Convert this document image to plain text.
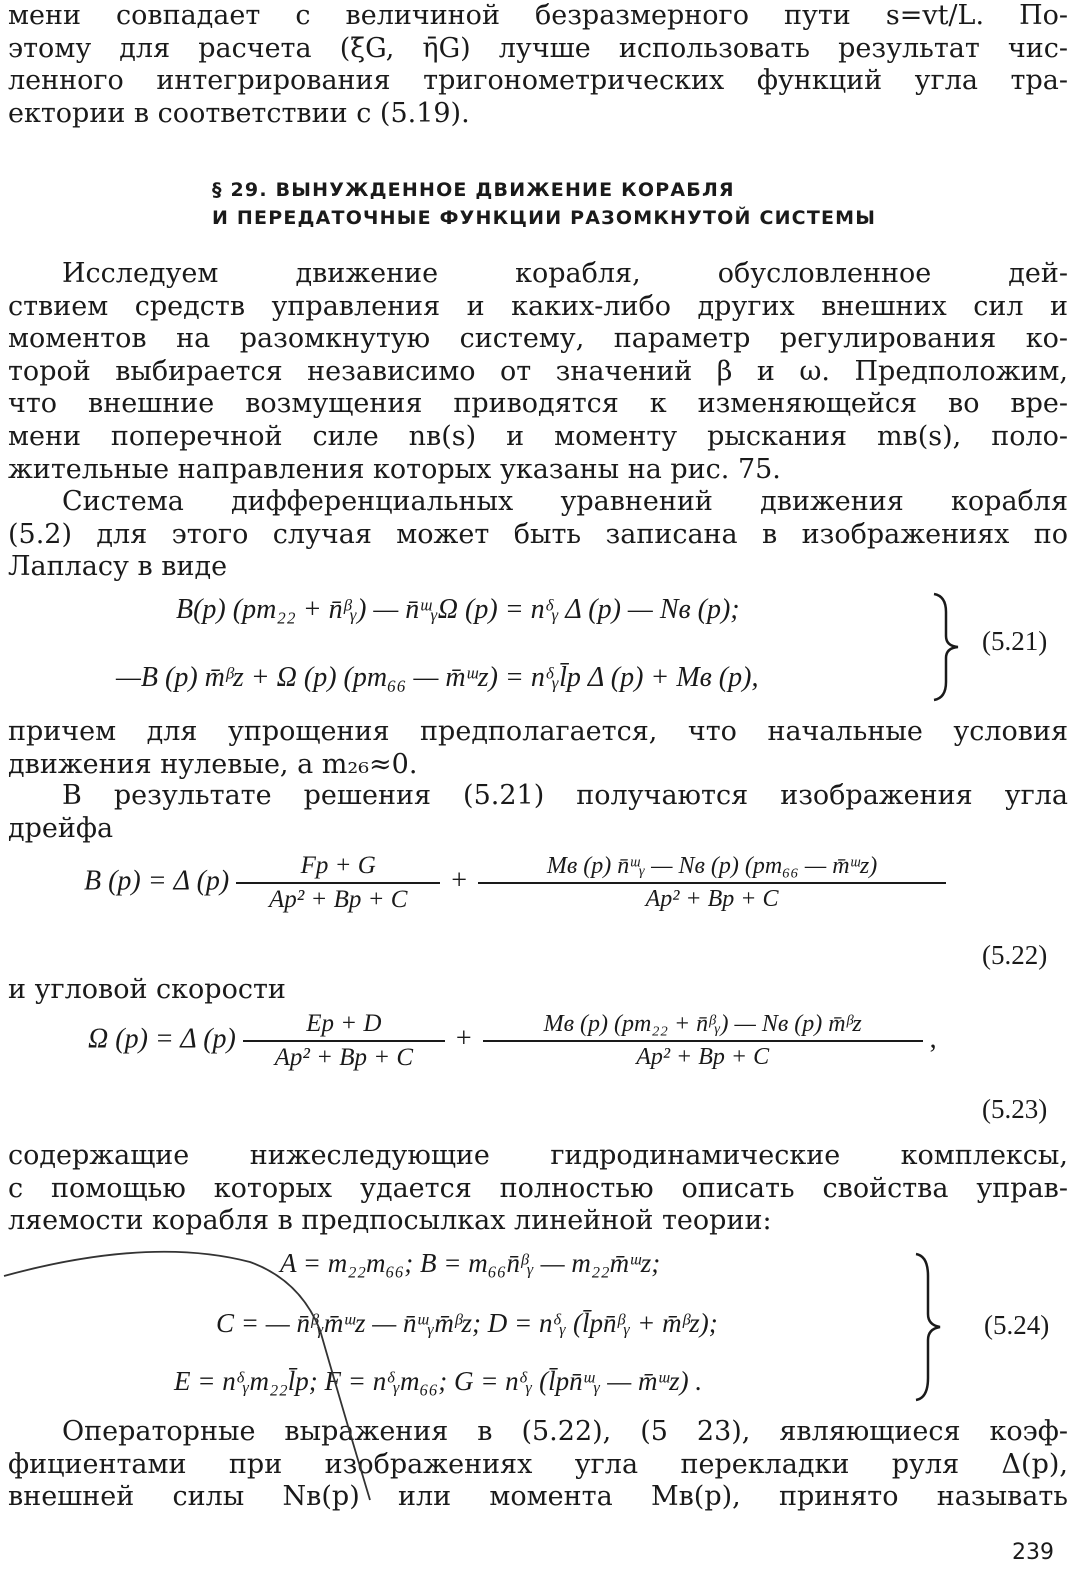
мени совпадает с величиной безразмерного пути s=vt/L. По-
этому для расчета (ξ̄G, η̄G) лучше использовать результат чис-
ленного интегрирования тригонометрических функций угла тра-
ектории в соответствии с (5.19).
§ 29. ВЫНУЖДЕННОЕ ДВИЖЕНИЕ КОРАБЛЯ
И ПЕРЕДАТОЧНЫЕ ФУНКЦИИ РАЗОМКНУТОЙ СИСТЕМЫ
Исследуем движение корабля, обусловленное дей-
ствием средств управления и каких-либо других внешних сил и
моментов на разомкнутую систему, параметр регулирования ко-
торой выбирается независимо от значений β и ω. Предположим,
что внешние возмущения приводятся к изменяющейся во вре-
мени поперечной силе nв(s) и моменту рыскания mв(s), поло-
жительные направления которых указаны на рис. 75.
Система дифференциальных уравнений движения корабля
(5.2) для этого случая может быть записана в изображениях по
Лапласу в виде
B(p) (pm₂₂ + n̄ᵝᵧ) — n̄ᵚᵧΩ (p) = nᵟᵧ Δ (p) — Nв (p);
—B (p) m̄ᵝz + Ω (p) (pm₆₆ — m̄ᵚz) = nᵟᵧl̄р Δ (p) + Mв (p),
(5.21)
причем для упрощения предполагается, что начальные условия
движения нулевые, а m₂₆≈0.
В результате решения (5.21) получаются изображения угла
дрейфа
B (p) = Δ $(p) \frac{Fp + G}{\text{Ap² + Bp + C}} + \frac{\text{Mв (p) n̄ᵚᵧ — Nв (p) (pm₆₆ — m̄ᵚz)}}{\text{Ap² + Bp + C}}$
(5.22)
и угловой скорости
Ω (p) = Δ $(p) \frac{Ep + D}{\text{Ap² + Bp + C}} + \frac{\text{Mв (p) (pm₂₂ + n̄ᵝᵧ) — Nв (p) m̄ᵝz}}{\text{Ap² + Bp + C}}$ ,
(5.23)
содержащие нижеследующие гидродинамические комплексы,
с помощью которых удается полностью описать свойства управ-
ляемости корабля в предпосылках линейной теории:
A = m₂₂m₆₆; B = m₆₆n̄ᵝᵧ — m₂₂m̄ᵚz;
C = — n̄ᵝᵧm̄ᵚz — n̄ᵚᵧm̄ᵝz; D = nᵟᵧ (l̄рn̄ᵝᵧ + m̄ᵝz);
E = nᵟᵧm₂₂l̄р; F = nᵟᵧm₆₆; G = nᵟᵧ (l̄рn̄ᵚᵧ — m̄ᵚz) .
(5.24)
Операторные выражения в (5.22), (5 23), являющиеся коэф-
фициентами при изображениях угла перекладки руля Δ(p),
внешней силы Nв(p) или момента Mв(p), принято называть
239
